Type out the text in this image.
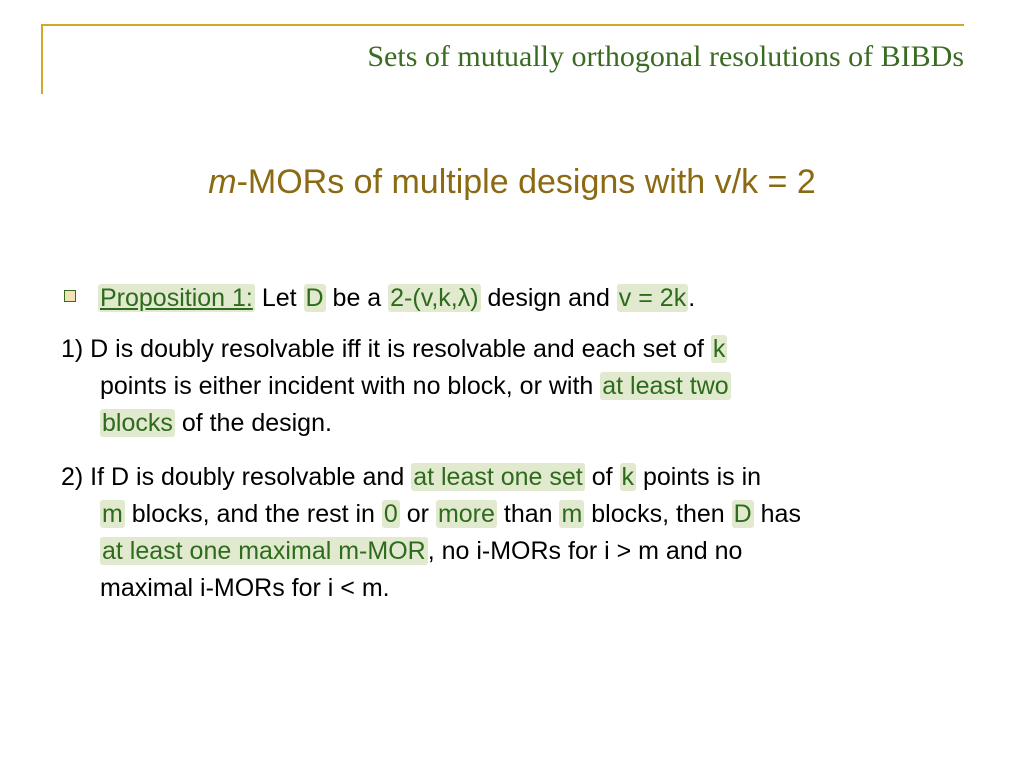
Sets of mutually orthogonal resolutions of BIBDs
m-MORs of multiple designs with v/k = 2
Proposition 1: Let D be a 2-(v,k,λ) design and v = 2k.
1) D is doubly resolvable iff it is resolvable and each set of k
points is either incident with no block, or with at least two
blocks of the design.
2) If D is doubly resolvable and at least one set of k points is in
m blocks, and the rest in 0 or more than m blocks, then D has
at least one maximal m-MOR, no i-MORs for i > m and no
maximal i-MORs for i < m.
